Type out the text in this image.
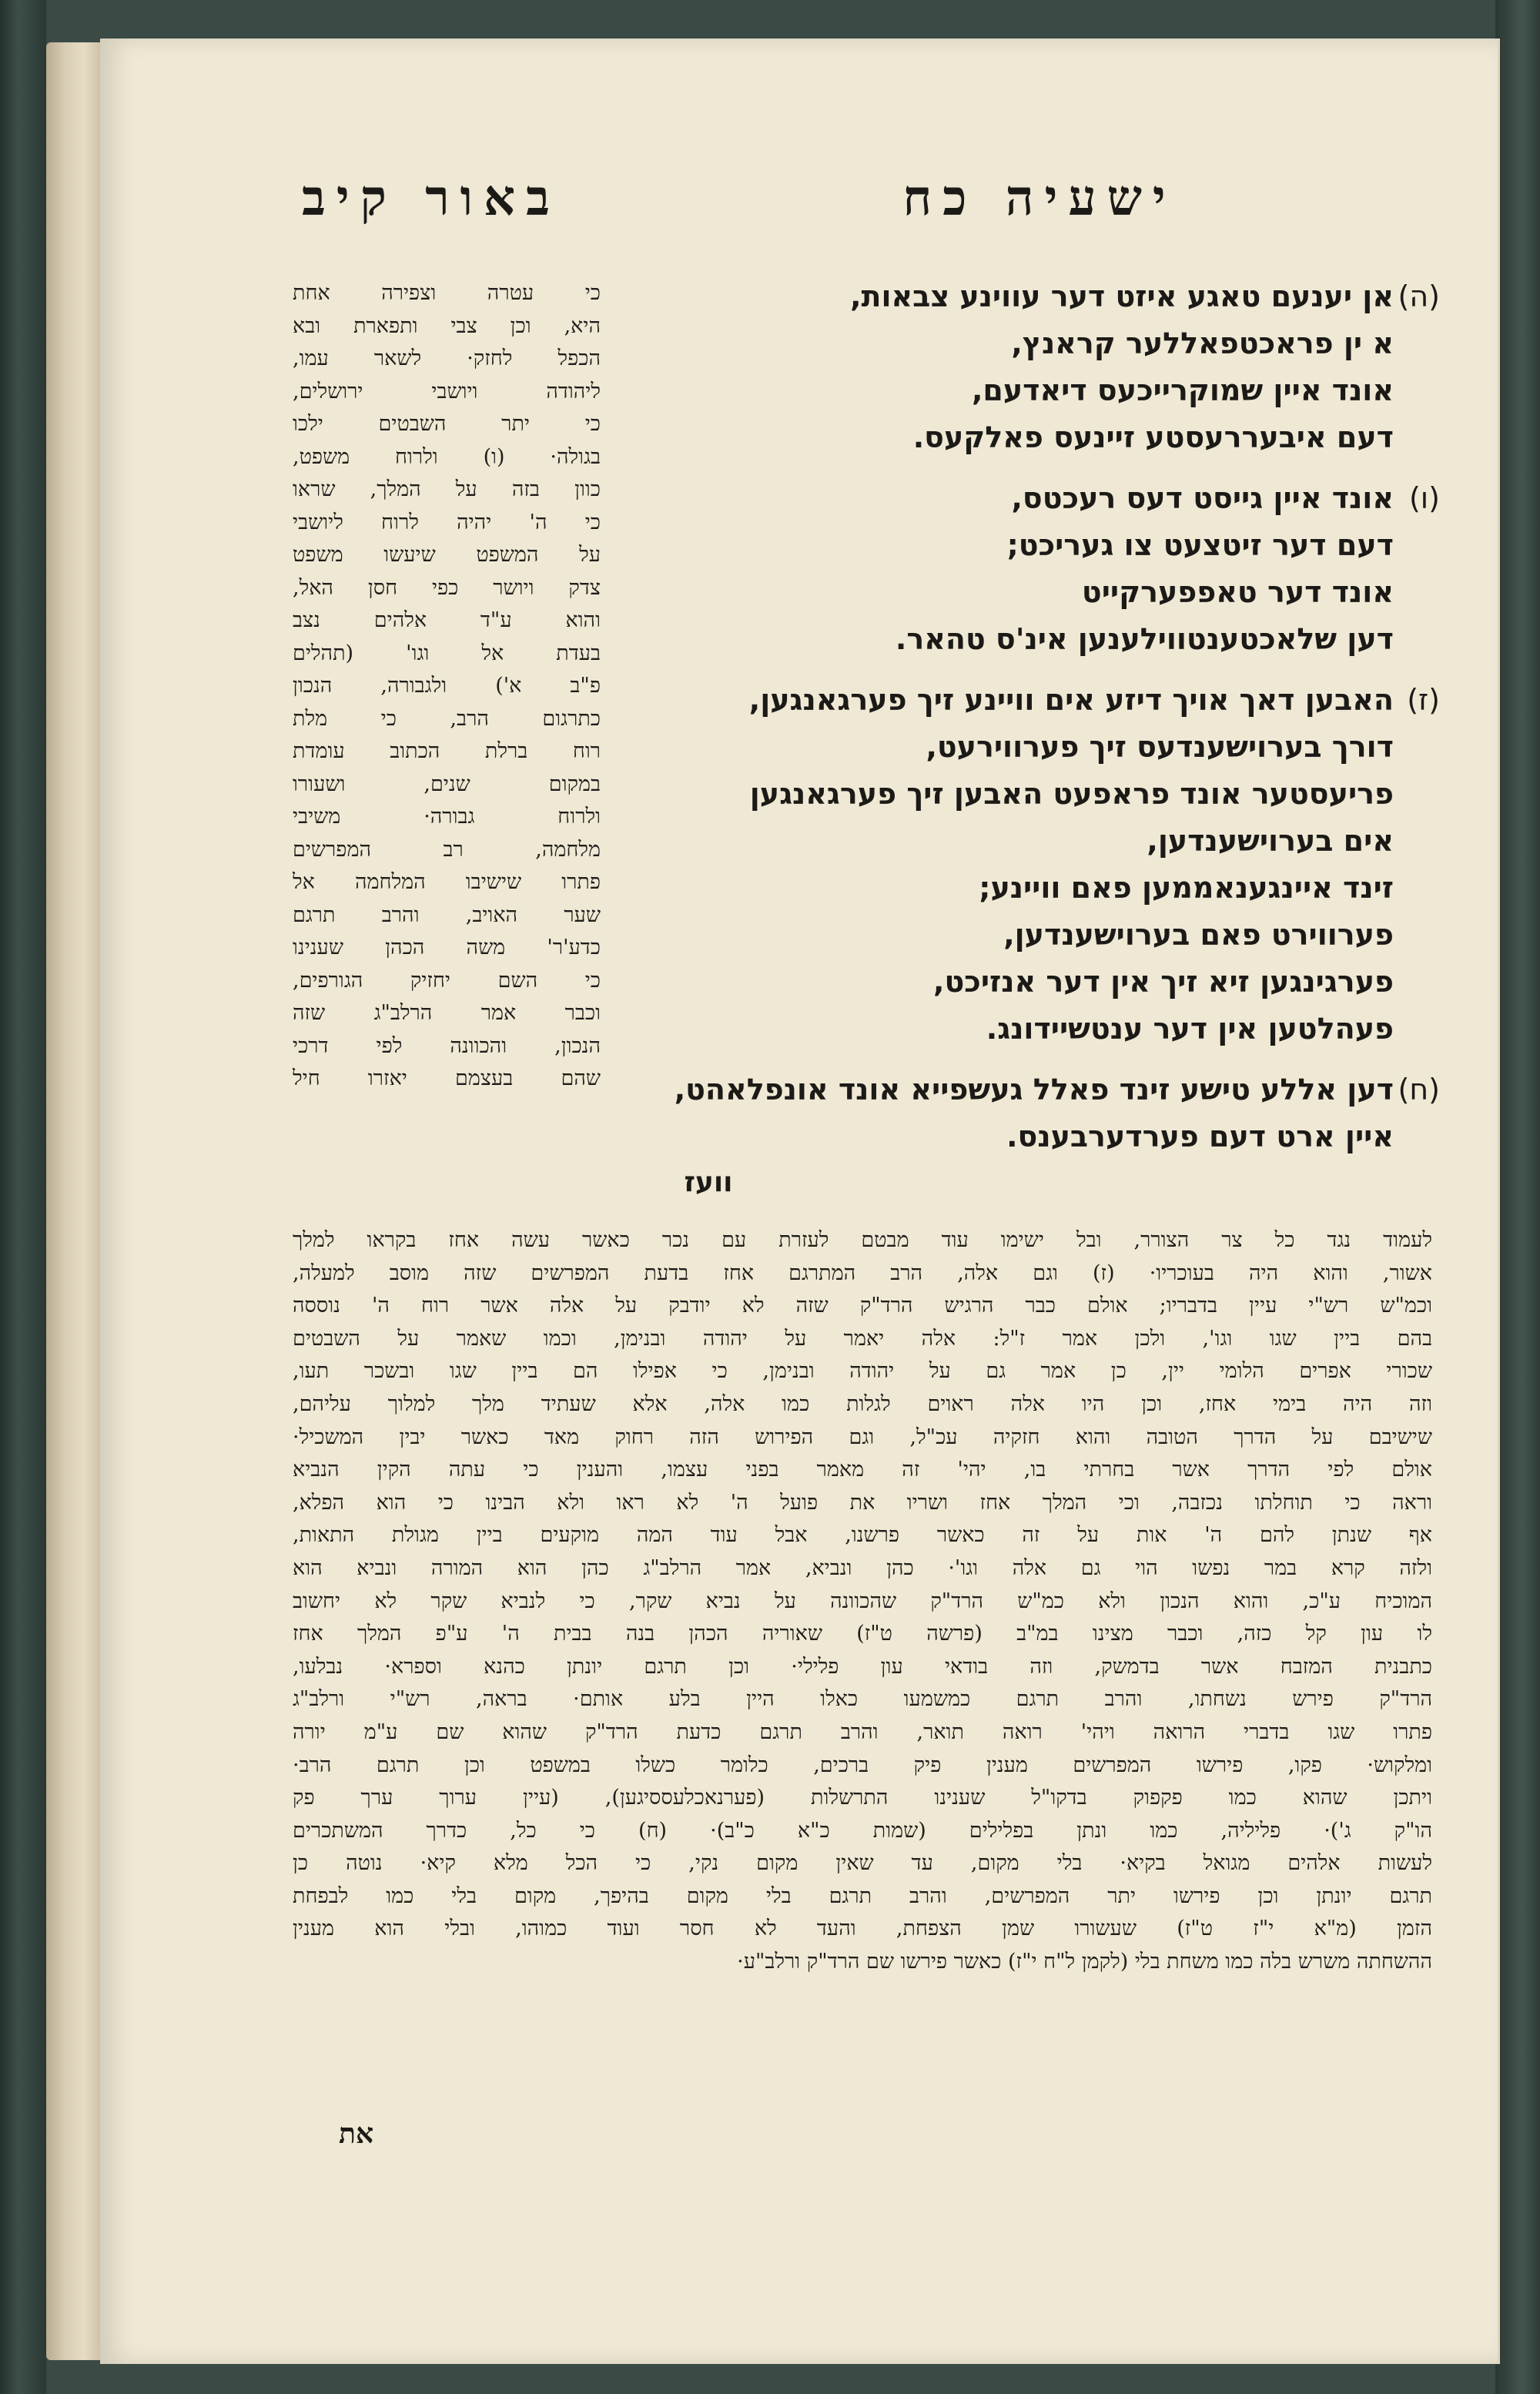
ישעיה כח
באור קיב
(ה)אן יענעם טאגע איזט דער עווינע צבאות,
א ין פראכטפאללער קראנץ,
אונד איין שמוקרייכעס דיאדעם,
דעם איבעררעסטע זיינעס פאלקעס.
(ו)אונד איין גייסט דעס רעכטס,
דעם דער זיטצעט צו געריכט;
אונד דער טאפפערקייט
דען שלאכטענטווילענען אינ'ס טהאר.
(ז)האבען דאך אויך דיזע אים וויינע זיך פערגאנגען,
דורך בערוישענדעס זיך פערווירעט,
פריעסטער אונד פראפעט האבען זיך פערגאנגען
אים בערוישענדען,
זינד איינגענאממען פאם וויינע;
פערווירט פאם בערוישענדען,
פערגינגען זיא זיך אין דער אנזיכט,
פעהלטען אין דער ענטשיידונג.
(ח)דען אללע טישע זינד פאלל געשפייא אונד אונפלאהט,
איין ארט דעם פערדערבענס.
וועז
כי עטרה וצפירה אחת
היא, וכן צבי ותפארת ובא
הכפל לחזק· לשאר עמו,
ליהודה ויושבי ירושלים,
כי יתר השבטים ילכו
בגולה· (ו) ולרוח משפט,
כוון בזה על המלך, שראו
כי ה' יהיה לרוח ליושבי
על המשפט שיעשו משפט
צדק ויושר כפי חסן האל,
והוא ע"ד אלהים נצב
בעדת אל וגו' (תהלים
פ"ב א') ולגבורה, הנכון
כתרגום הרב, כי מלת
רוח ברלת הכתוב עומדת
במקום שנים, ושעורו
ולרוח גבורה· משיבי
מלחמה, רב המפרשים
פתרו שישיבו המלחמה אל
שער האויב, והרב תרגם
כדע'ר' משה הכהן שענינו
כי השם יחזיק הגורפים,
וכבר אמר הרלב"ג שזה
הנכון, והכוונה לפי דרכי
שהם בעצמם יאזרו חיל
לעמוד נגד כל צר הצורר, ובל ישימו עוד מבטם לעזרת עם נכר כאשר עשה אחז בקראו למלך
אשור, והוא היה בעוכריו· (ז) וגם אלה, הרב המתרגם אחז בדעת המפרשים שזה מוסב למעלה,
וכמ"ש רש"י עיין בדבריו; אולם כבר הרגיש הרד"ק שזה לא יודבק על אלה אשר רוח ה' נוססה
בהם ביין שגו וגו', ולכן אמר ז"ל: אלה יאמר על יהודה ובנימן, וכמו שאמר על השבטים
שכורי אפרים הלומי יין, כן אמר גם על יהודה ובנימן, כי אפילו הם ביין שגו ובשכר תעו,
וזה היה בימי אחז, וכן היו אלה ראוים לגלות כמו אלה, אלא שעתיד מלך למלוך עליהם,
שישיבם על הדרך הטובה והוא חזקיה עכ"ל, וגם הפירוש הזה רחוק מאד כאשר יבין המשכיל·
אולם לפי הדרך אשר בחרתי בו, יהי' זה מאמר בפני עצמו, והענין כי עתה הקין הנביא
וראה כי תוחלתו נכזבה, וכי המלך אחז ושריו את פועל ה' לא ראו ולא הבינו כי הוא הפלא,
אף שנתן להם ה' אות על זה כאשר פרשנו, אבל עוד המה מוקעים ביין מגולת התאות,
ולזה קרא במר נפשו הוי גם אלה וגו'· כהן ונביא, אמר הרלב"ג כהן הוא המורה ונביא הוא
המוכיח ע"כ, והוא הנכון ולא כמ"ש הרד"ק שהכוונה על נביא שקר, כי לנביא שקר לא יחשוב
לו עון קל כזה, וכבר מצינו במ"ב (פרשה ט"ז) שאוריה הכהן בנה בבית ה' ע"פ המלך אחז
כתבנית המזבח אשר בדמשק, וזה בודאי עון פלילי· וכן תרגם יונתן כהנא וספרא· נבלעו,
הרד"ק פירש נשחתו, והרב תרגם כמשמעו כאלו היין בלע אותם· בראה, רש"י ורלב"ג
פתרו שגו בדברי הרואה ויהי' רואה תואר, והרב תרגם כדעת הרד"ק שהוא שם ע"מ יורה
ומלקוש· פקו, פירשו המפרשים מענין פיק ברכים, כלומר כשלו במשפט וכן תרגם הרב·
ויתכן שהוא כמו פקפוק בדקו"ל שענינו התרשלות (פערנאכלעססיגען), (עיין ערוך ערך פק
הו"ק ג')· פליליה, כמו ונתן בפלילים (שמות כ"א כ"ב)· (ח) כי כל, כדרך המשתכרים
לעשות אלהים מגואל בקיא· בלי מקום, עד שאין מקום נקי, כי הכל מלא קיא· נוטה כן
תרגם יונתן וכן פירשו יתר המפרשים, והרב תרגם בלי מקום בהיפך, מקום בלי כמו לבפחת
הזמן (מ"א י"ז ט"ז) שעשורו שמן הצפחת, והעד לא חסר ועוד כמוהו, ובלי הוא מענין
ההשחתה משרש בלה כמו משחת בלי (לקמן ל"ח י"ז) כאשר פירשו שם הרד"ק ורלב"ע·
את
